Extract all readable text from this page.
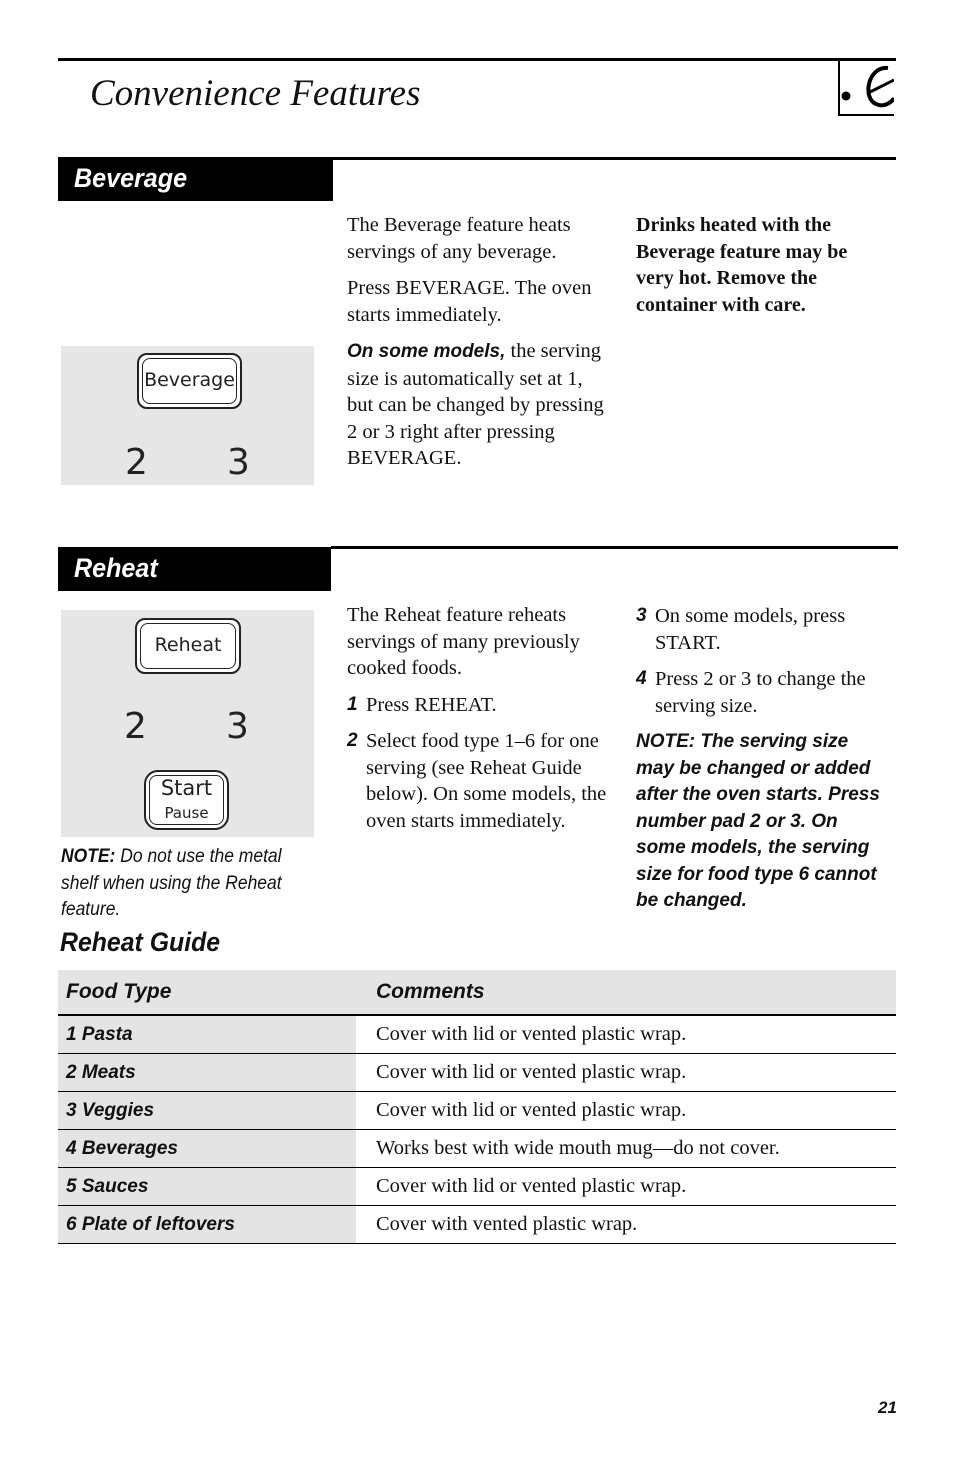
Convenience Features
Beverage
Beverage
2 3

The Beverage feature heats servings of any beverage.

Press BEVERAGE. The oven starts immediately.

On some models, the serving size is automatically set at 1, but can be changed by pressing 2 or 3 right after pressing BEVERAGE.

Drinks heated with the Beverage feature may be very hot. Remove the container with care.
Reheat
Reheat
2 3
Start
Pause
NOTE: Do not use the metal shelf when using the Reheat feature.

The Reheat feature reheats servings of many previously cooked foods.

1 Press REHEAT.
2 Select food type 1–6 for one serving (see Reheat Guide below). On some models, the oven starts immediately.
3 On some models, press START.
4 Press 2 or 3 to change the serving size.
NOTE: The serving size may be changed or added after the oven starts. Press number pad 2 or 3. On some models, the serving size for food type 6 cannot be changed.
Reheat Guide
Food Type	Comments
1 Pasta	Cover with lid or vented plastic wrap.
2 Meats	Cover with lid or vented plastic wrap.
3 Veggies	Cover with lid or vented plastic wrap.
4 Beverages	Works best with wide mouth mug—do not cover.
5 Sauces	Cover with lid or vented plastic wrap.
6 Plate of leftovers	Cover with vented plastic wrap.
21
